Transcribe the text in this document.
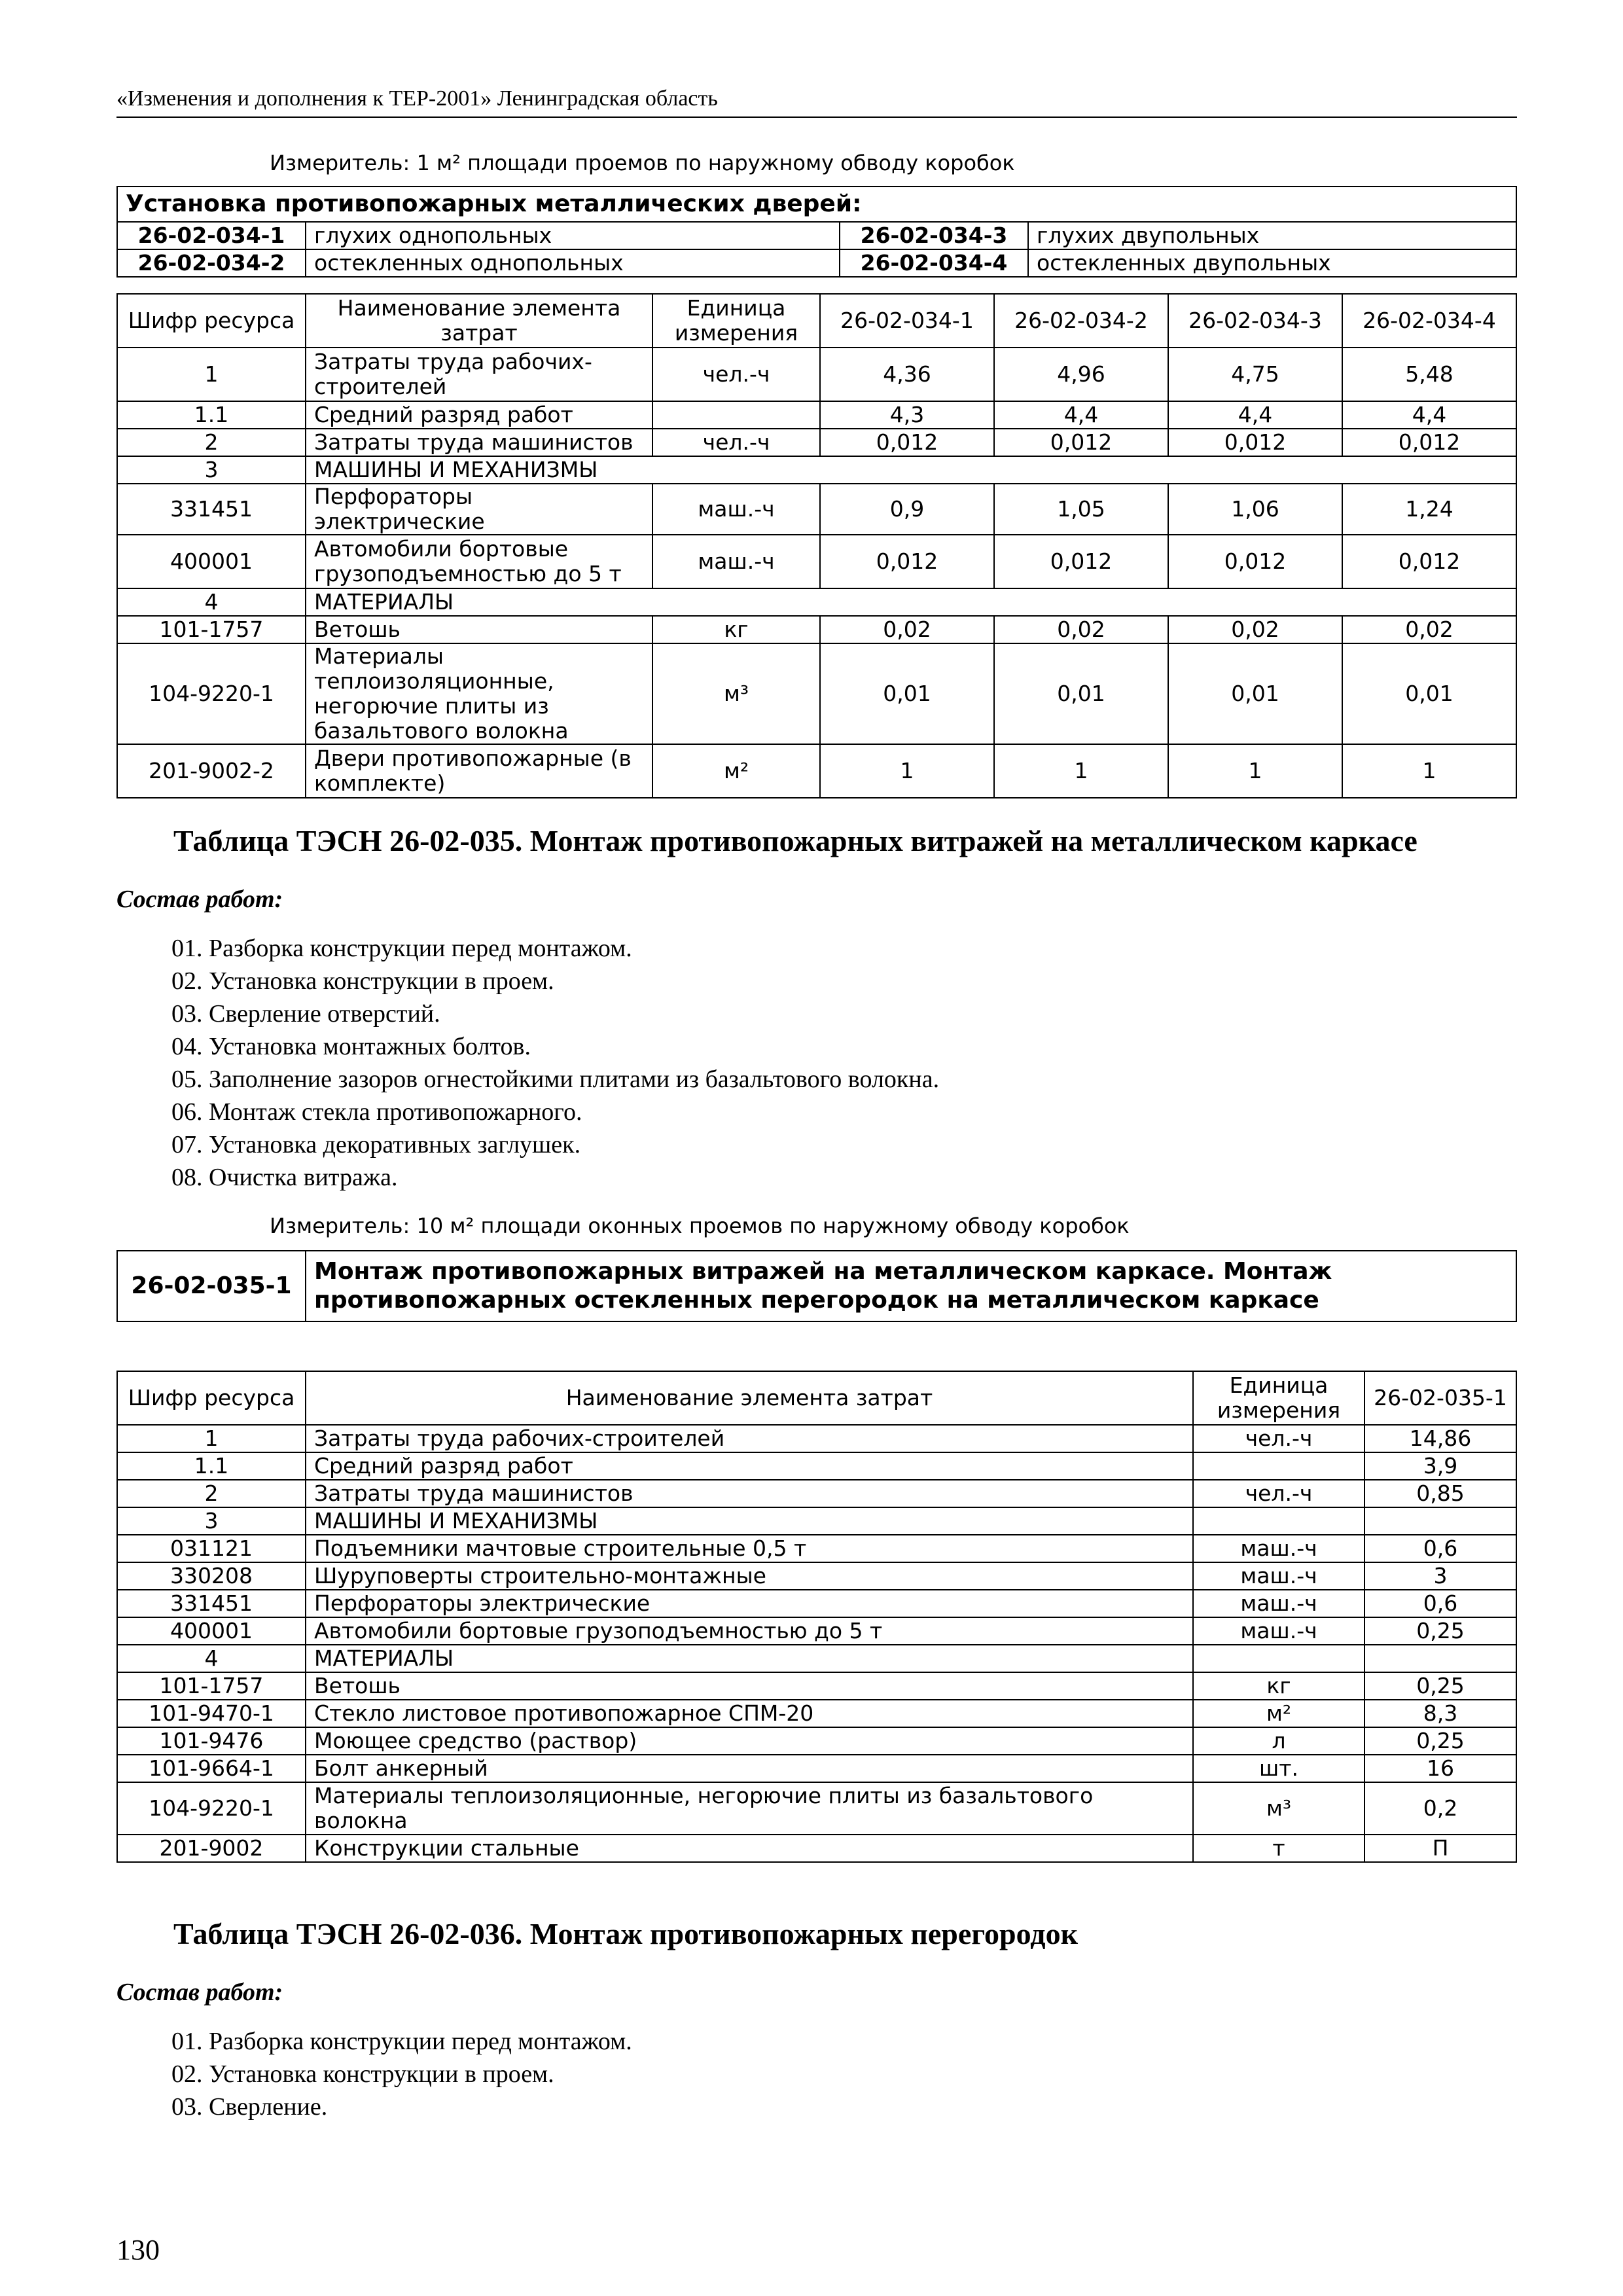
«Изменения и дополнения к ТЕР-2001» Ленинградская область
Измеритель: 1 м² площади проемов по наружному обводу коробок
Установка противопожарных металлических дверей:			
26-02-034-1	глухих однопольных	26-02-034-3	глухих двупольных
26-02-034-2	остекленных однопольных	26-02-034-4	остекленных двупольных
Шифр ресурса	Наименование элемента затрат	Единица измерения	26-02-034-1	26-02-034-2	26-02-034-3	26-02-034-4
1	Затраты труда рабочих-строителей	чел.-ч	4,36	4,96	4,75	5,48
1.1	Средний разряд работ		4,3	4,4	4,4	4,4
2	Затраты труда машинистов	чел.-ч	0,012	0,012	0,012	0,012
3	МАШИНЫ И МЕХАНИЗМЫ					
331451	Перфораторы электрические	маш.-ч	0,9	1,05	1,06	1,24
400001	Автомобили бортовые грузоподъемностью до 5 т	маш.-ч	0,012	0,012	0,012	0,012
4	МАТЕРИАЛЫ					
101-1757	Ветошь	кг	0,02	0,02	0,02	0,02
104-9220-1	Материалы теплоизоляционные, негорючие плиты из базальтового волокна	м³	0,01	0,01	0,01	0,01
201-9002-2	Двери противопожарные (в комплекте)	м²	1	1	1	1
Таблица ТЭСН 26-02-035. Монтаж противопожарных витражей на металлическом каркасе

Состав работ:

01. Разборка конструкции перед монтажом.
02. Установка конструкции в проем.
03. Сверление отверстий.
04. Установка монтажных болтов.
05. Заполнение зазоров огнестойкими плитами из базальтового волокна.
06. Монтаж стекла противопожарного.
07. Установка декоративных заглушек.
08. Очистка витража.
Измеритель: 10 м² площади оконных проемов по наружному обводу коробок
26-02-035-1	Монтаж противопожарных витражей на металлическом каркасе. Монтаж противопожарных остекленных перегородок на металлическом каркасе
Шифр ресурса	Наименование элемента затрат	Единица измерения	26-02-035-1
1	Затраты труда рабочих-строителей	чел.-ч	14,86
1.1	Средний разряд работ		3,9
2	Затраты труда машинистов	чел.-ч	0,85
3	МАШИНЫ И МЕХАНИЗМЫ		
031121	Подъемники мачтовые строительные 0,5 т	маш.-ч	0,6
330208	Шуруповерты строительно-монтажные	маш.-ч	3
331451	Перфораторы электрические	маш.-ч	0,6
400001	Автомобили бортовые грузоподъемностью до 5 т	маш.-ч	0,25
4	МАТЕРИАЛЫ		
101-1757	Ветошь	кг	0,25
101-9470-1	Стекло листовое противопожарное СПМ-20	м²	8,3
101-9476	Моющее средство (раствор)	л	0,25
101-9664-1	Болт анкерный	шт.	16
104-9220-1	Материалы теплоизоляционные, негорючие плиты из базальтового волокна	м³	0,2
201-9002	Конструкции стальные	т	П
Таблица ТЭСН 26-02-036. Монтаж противопожарных перегородок

Состав работ:

01. Разборка конструкции перед монтажом.
02. Установка конструкции в проем.
03. Сверление.
130
